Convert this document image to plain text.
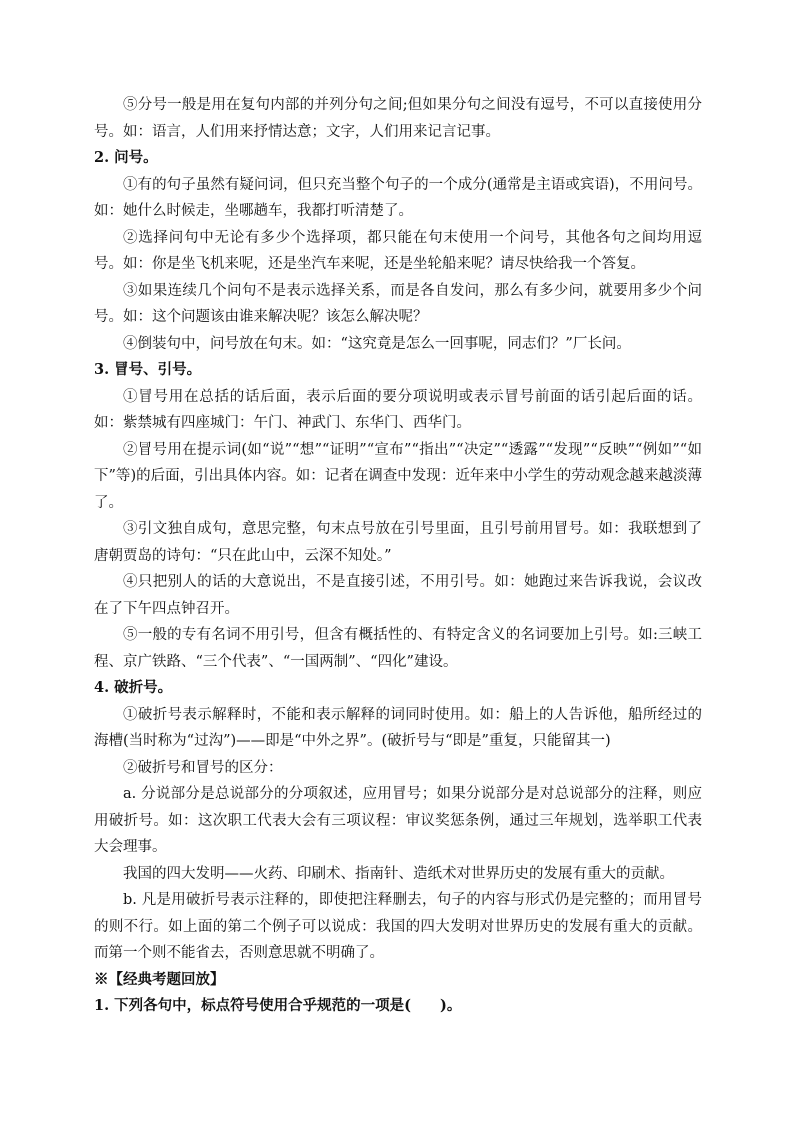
⑤分号一般是用在复句内部的并列分句之间;但如果分句之间没有逗号，不可以直接使用分号。如：语言，人们用来抒情达意；文字，人们用来记言记事。

2. 问号。

①有的句子虽然有疑问词，但只充当整个句子的一个成分(通常是主语或宾语)，不用问号。如：她什么时候走，坐哪趟车，我都打听清楚了。

②选择问句中无论有多少个选择项，都只能在句末使用一个问号，其他各句之间均用逗号。如：你是坐飞机来呢，还是坐汽车来呢，还是坐轮船来呢？请尽快给我一个答复。

③如果连续几个问句不是表示选择关系，而是各自发问，那么有多少问，就要用多少个问号。如：这个问题该由谁来解决呢？该怎么解决呢？

④倒装句中，问号放在句末。如：“这究竟是怎么一回事呢，同志们？”厂长问。

3. 冒号、引号。

①冒号用在总括的话后面，表示后面的要分项说明或表示冒号前面的话引起后面的话。如：紫禁城有四座城门：午门、神武门、东华门、西华门。

②冒号用在提示词(如“说”“想”“证明”“宣布”“指出”“决定”“透露”“发现”“反映”“例如”“如下”等)的后面，引出具体内容。如：记者在调查中发现：近年来中小学生的劳动观念越来越淡薄了。

③引文独自成句，意思完整，句末点号放在引号里面，且引号前用冒号。如：我联想到了唐朝贾岛的诗句：“只在此山中，云深不知处。”

④只把别人的话的大意说出，不是直接引述，不用引号。如：她跑过来告诉我说，会议改在了下午四点钟召开。

⑤一般的专有名词不用引号，但含有概括性的、有特定含义的名词要加上引号。如:三峡工程、京广铁路、“三个代表”、“一国两制”、“四化”建设。

4. 破折号。

①破折号表示解释时，不能和表示解释的词同时使用。如：船上的人告诉他，船所经过的海槽(当时称为“过沟”)——即是“中外之界”。(破折号与“即是”重复，只能留其一)

②破折号和冒号的区分：

a. 分说部分是总说部分的分项叙述，应用冒号；如果分说部分是对总说部分的注释，则应用破折号。如：这次职工代表大会有三项议程：审议奖惩条例，通过三年规划，选举职工代表大会理事。

我国的四大发明——火药、印刷术、指南针、造纸术对世界历史的发展有重大的贡献。

b. 凡是用破折号表示注释的，即使把注释删去，句子的内容与形式仍是完整的；而用冒号的则不行。如上面的第二个例子可以说成：我国的四大发明对世界历史的发展有重大的贡献。而第一个则不能省去，否则意思就不明确了。

※【经典考题回放】

1. 下列各句中，标点符号使用合乎规范的一项是(　　)。
